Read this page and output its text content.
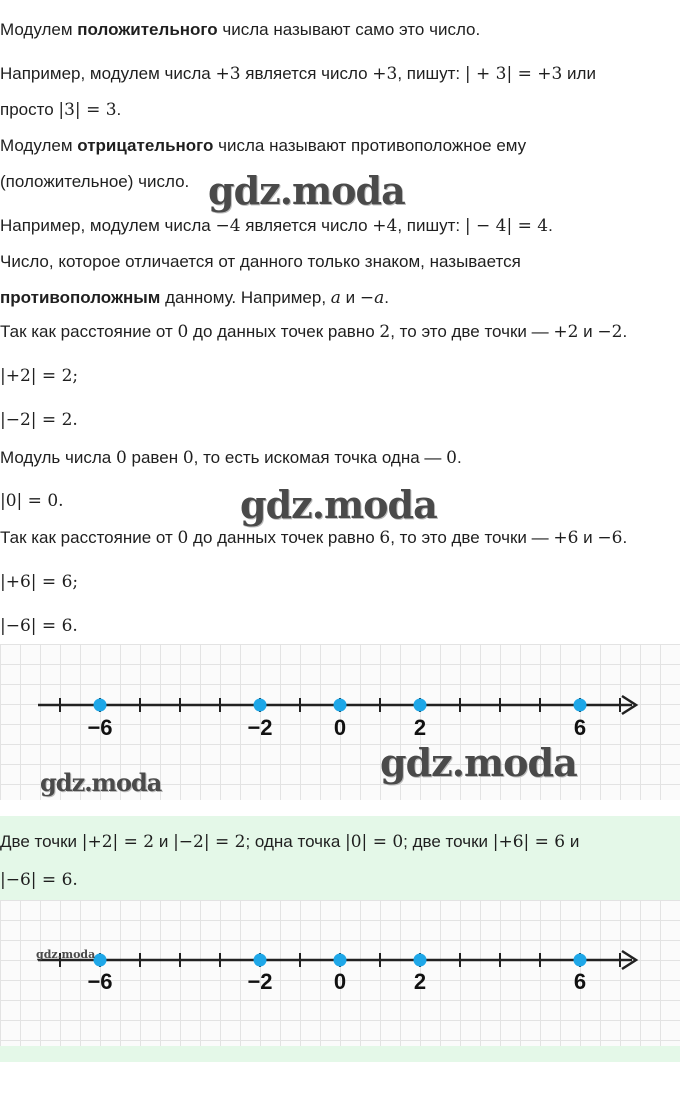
Модулем положительного числа называют само это число.
Например, модулем числа +3 является число +3, пишут: | + 3| = +3 или
просто |3| = 3.
Модулем отрицательного числа называют противоположное ему
(положительное) число. gdz.moda
Например, модулем числа −4 является число +4, пишут: | − 4| = 4.
Число, которое отличается от данного только знаком, называется
противоположным данному. Например, a и −a.
Так как расстояние от 0 до данных точек равно 2, то это две точки — +2 и −2.
|+2| = 2;
|−2| = 2.
Модуль числа 0 равен 0, то есть искомая точка одна — 0.
|0| = 0.	gdz.moda
Так как расстояние от 0 до данных точек равно 6, то это две точки — +6 и −6.
|+6| = 6;
|−6| = 6.
−6	−2	0	2	6
gdz.moda	gdz.moda
Две точки |+2| = 2 и |−2| = 2; одна точка |0| = 0; две точки |+6| = 6 и
|−6| = 6.
−6	−2	0	2	6
gdz.moda
